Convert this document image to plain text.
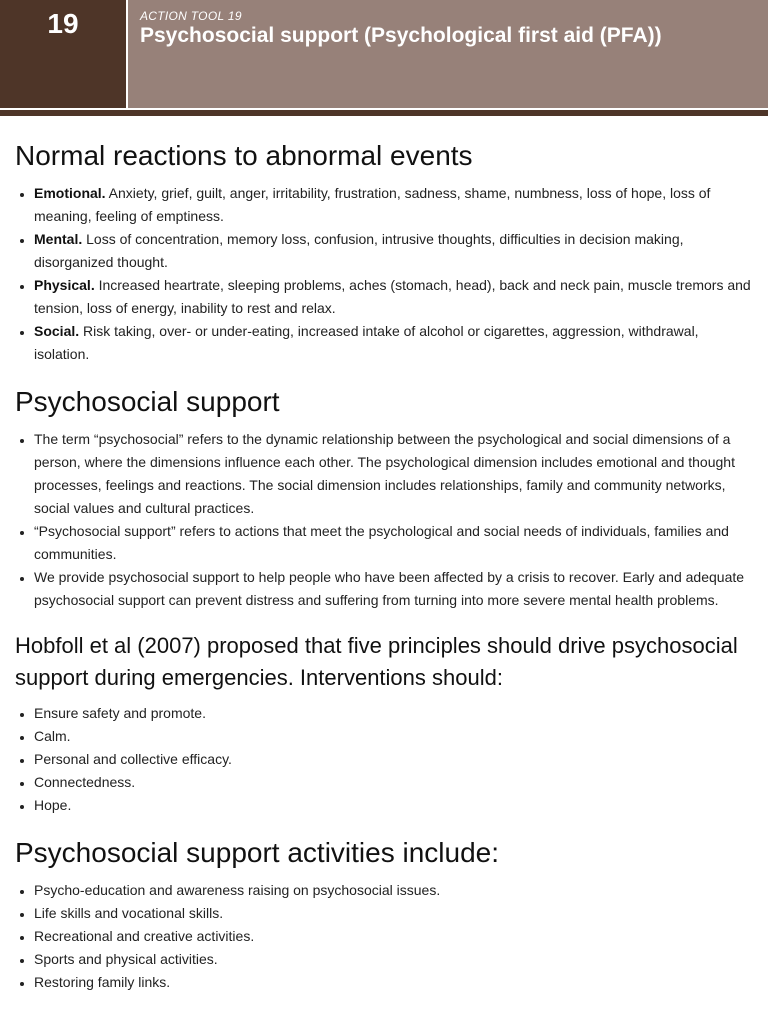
19	ACTION TOOL 19
Psychosocial support (Psychological first aid (PFA))
Normal reactions to abnormal events
• Emotional. Anxiety, grief, guilt, anger, irritability, frustration, sadness, shame, numbness, loss of hope, loss of meaning, feeling of emptiness.
• Mental. Loss of concentration, memory loss, confusion, intrusive thoughts, difficulties in decision making, disorganized thought.
• Physical. Increased heartrate, sleeping problems, aches (stomach, head), back and neck pain, muscle tremors and tension, loss of energy, inability to rest and relax.
• Social. Risk taking, over- or under-eating, increased intake of alcohol or cigarettes, aggression, withdrawal, isolation.
Psychosocial support
• The term “psychosocial” refers to the dynamic relationship between the psychological and social dimensions of a person, where the dimensions influence each other. The psychological dimension includes emotional and thought processes, feelings and reactions. The social dimension includes relationships, family and community networks, social values and cultural practices.
• “Psychosocial support” refers to actions that meet the psychological and social needs of individuals, families and communities.
• We provide psychosocial support to help people who have been affected by a crisis to recover. Early and adequate psychosocial support can prevent distress and suffering from turning into more severe mental health problems.
Hobfoll et al (2007) proposed that five principles should drive psychosocial support during emergencies. Interventions should:
• Ensure safety and promote.
• Calm.
• Personal and collective efficacy.
• Connectedness.
• Hope.
Psychosocial support activities include:
• Psycho-education and awareness raising on psychosocial issues.
• Life skills and vocational skills.
• Recreational and creative activities.
• Sports and physical activities.
• Restoring family links.
